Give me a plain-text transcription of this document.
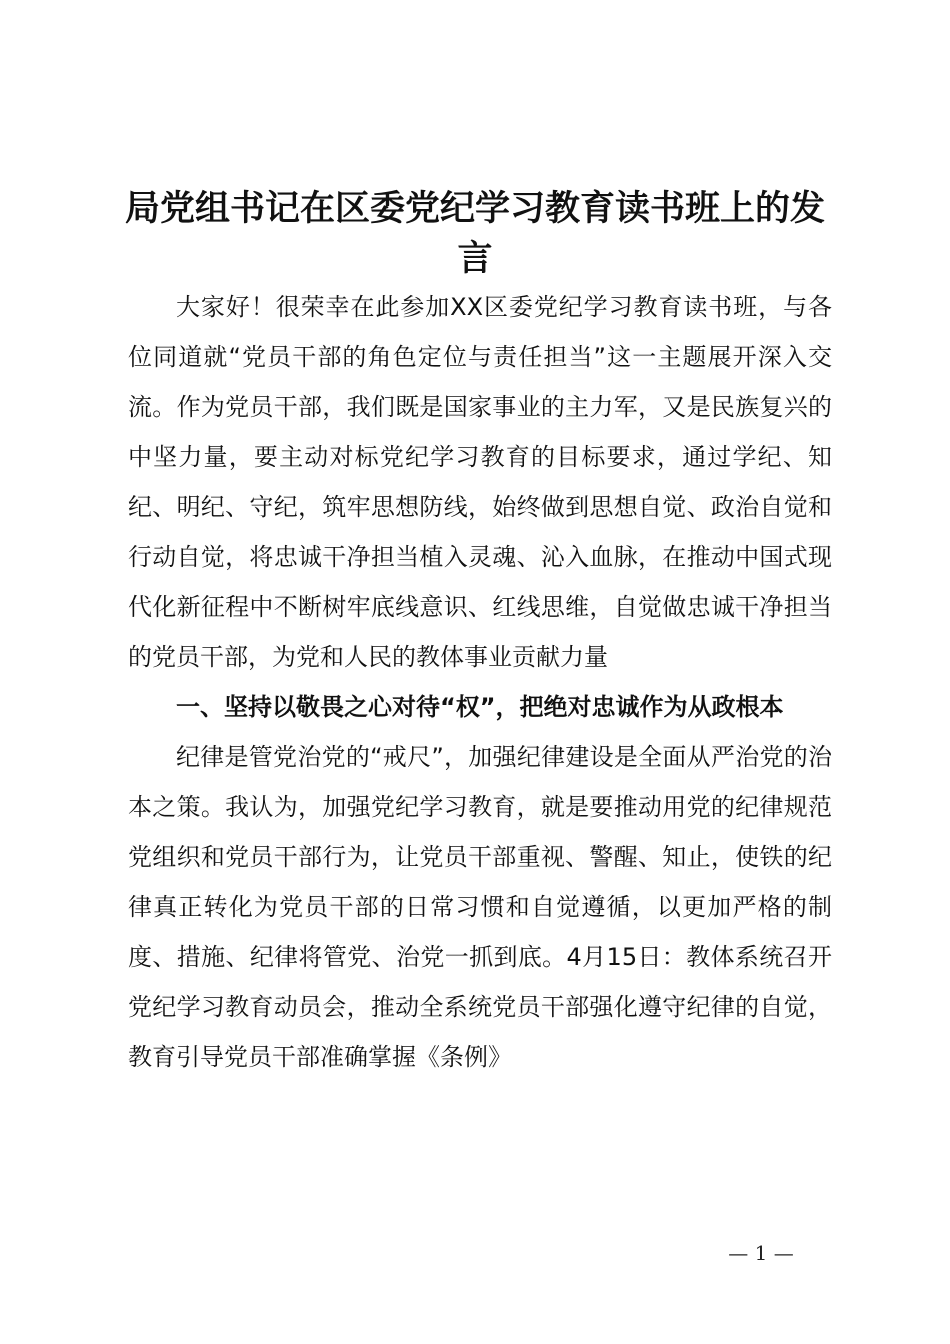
局党组书记在区委党纪学习教育读书班上的发言

大家好！很荣幸在此参加XX区委党纪学习教育读书班，与各位同道就“党员干部的角色定位与责任担当”这一主题展开深入交流。作为党员干部，我们既是国家事业的主力军，又是民族复兴的中坚力量，要主动对标党纪学习教育的目标要求，通过学纪、知纪、明纪、守纪，筑牢思想防线，始终做到思想自觉、政治自觉和行动自觉，将忠诚干净担当植入灵魂、沁入血脉，在推动中国式现代化新征程中不断树牢底线意识、红线思维，自觉做忠诚干净担当的党员干部，为党和人民的教体事业贡献力量

一、坚持以敬畏之心对待“权”，把绝对忠诚作为从政根本

纪律是管党治党的“戒尺”，加强纪律建设是全面从严治党的治本之策。我认为，加强党纪学习教育，就是要推动用党的纪律规范党组织和党员干部行为，让党员干部重视、警醒、知止，使铁的纪律真正转化为党员干部的日常习惯和自觉遵循，以更加严格的制度、措施、纪律将管党、治党一抓到底。4月15日：教体系统召开党纪学习教育动员会，推动全系统党员干部强化遵守纪律的自觉，教育引导党员干部准确掌握《条例》

— 1 —
